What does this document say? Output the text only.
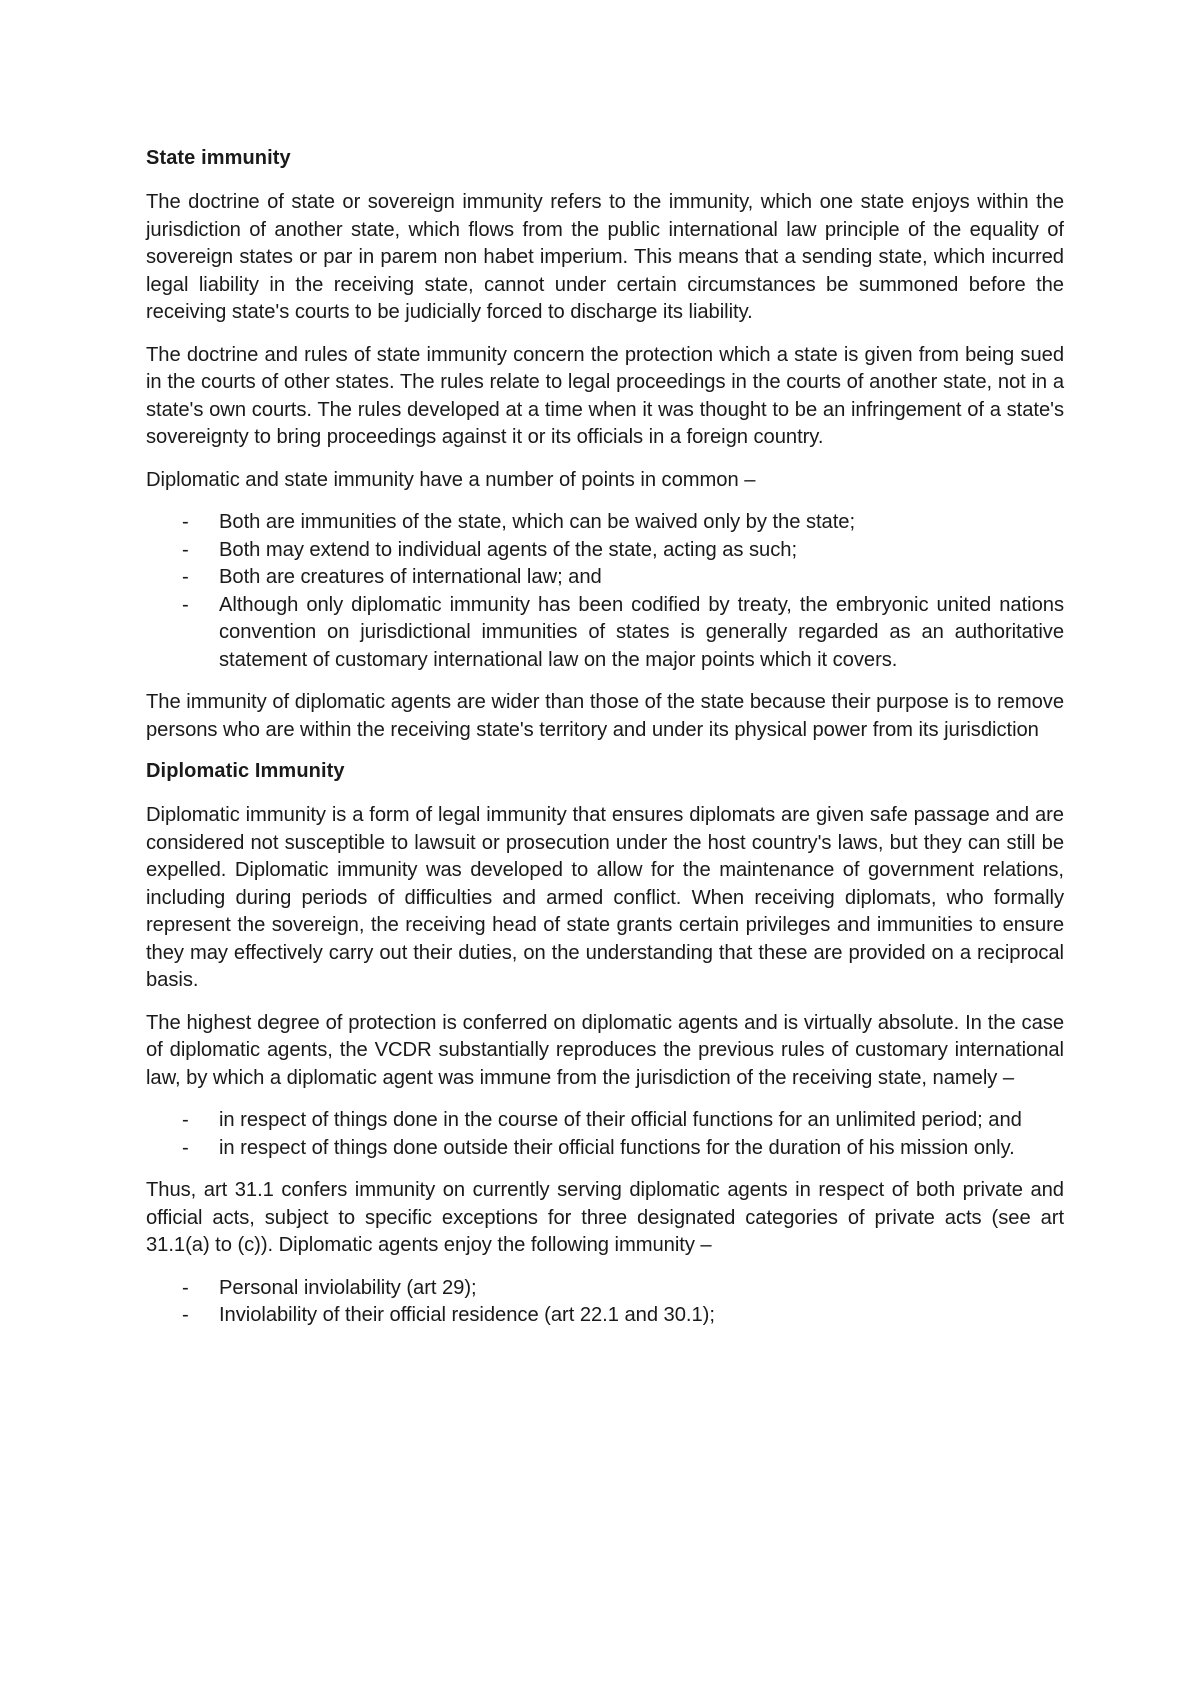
State immunity

The doctrine of state or sovereign immunity refers to the immunity, which one state enjoys within the jurisdiction of another state, which flows from the public international law principle of the equality of sovereign states or par in parem non habet imperium. This means that a sending state, which incurred legal liability in the receiving state, cannot under certain circumstances be summoned before the receiving state's courts to be judicially forced to discharge its liability.

The doctrine and rules of state immunity concern the protection which a state is given from being sued in the courts of other states. The rules relate to legal proceedings in the courts of another state, not in a state's own courts. The rules developed at a time when it was thought to be an infringement of a state's sovereignty to bring proceedings against it or its officials in a foreign country.

Diplomatic and state immunity have a number of points in common –

- Both are immunities of the state, which can be waived only by the state;
- Both may extend to individual agents of the state, acting as such;
- Both are creatures of international law; and
- Although only diplomatic immunity has been codified by treaty, the embryonic united nations convention on jurisdictional immunities of states is generally regarded as an authoritative statement of customary international law on the major points which it covers.

The immunity of diplomatic agents are wider than those of the state because their purpose is to remove persons who are within the receiving state's territory and under its physical power from its jurisdiction

Diplomatic Immunity

Diplomatic immunity is a form of legal immunity that ensures diplomats are given safe passage and are considered not susceptible to lawsuit or prosecution under the host country's laws, but they can still be expelled. Diplomatic immunity was developed to allow for the maintenance of government relations, including during periods of difficulties and armed conflict. When receiving diplomats, who formally represent the sovereign, the receiving head of state grants certain privileges and immunities to ensure they may effectively carry out their duties, on the understanding that these are provided on a reciprocal basis.

The highest degree of protection is conferred on diplomatic agents and is virtually absolute. In the case of diplomatic agents, the VCDR substantially reproduces the previous rules of customary international law, by which a diplomatic agent was immune from the jurisdiction of the receiving state, namely –

- in respect of things done in the course of their official functions for an unlimited period; and
- in respect of things done outside their official functions for the duration of his mission only.

Thus, art 31.1 confers immunity on currently serving diplomatic agents in respect of both private and official acts, subject to specific exceptions for three designated categories of private acts (see art 31.1(a) to (c)). Diplomatic agents enjoy the following immunity –

- Personal inviolability (art 29);
- Inviolability of their official residence (art 22.1 and 30.1);
